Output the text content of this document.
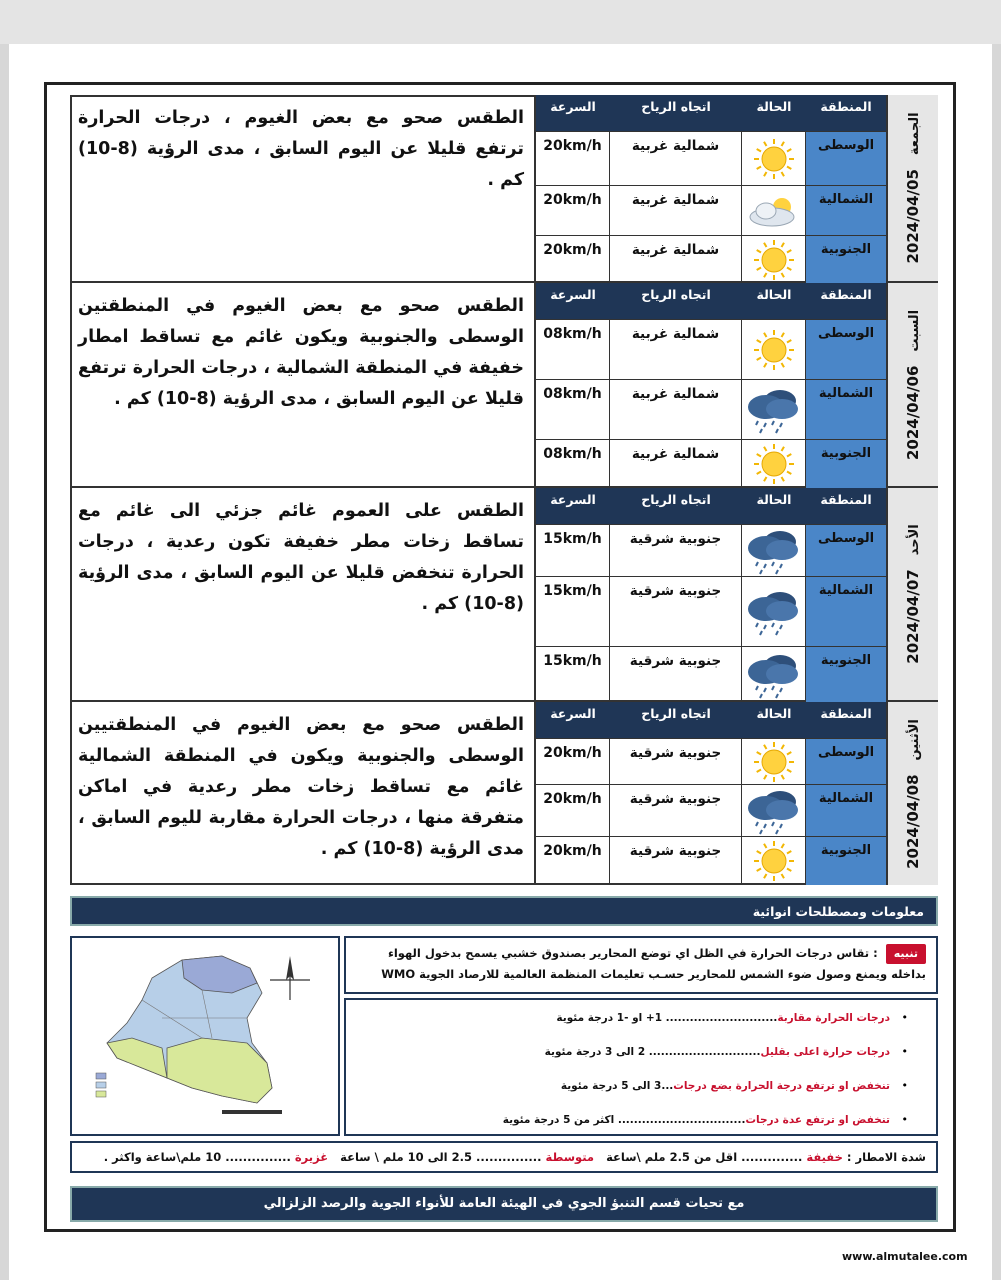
الطقس صحو مع بعض الغيوم ، درجات الحرارة ترتفع قليلا عن اليوم السابق ، مدى الرؤية (8-10) كم .
السرعة	اتجاه الرياح	الحالة	المنطقة
20km/h	شمالية غربية	الوسطى
20km/h	شمالية غربية	الشمالية
20km/h	شمالية غربية	الجنوبية	2024/04/05الجمعة
الطقس صحو مع بعض الغيوم في المنطقتين الوسطى والجنوبية ويكون غائم مع تساقط امطار خفيفة في المنطقة الشمالية ، درجات الحرارة ترتفع قليلا عن اليوم السابق ، مدى الرؤية (8-10) كم .
السرعة	اتجاه الرياح	الحالة	المنطقة
08km/h	شمالية غربية	الوسطى
08km/h	شمالية غربية	الشمالية
08km/h	شمالية غربية	الجنوبية	2024/04/06السبت
الطقس على العموم غائم جزئي الى غائم مع تساقط زخات مطر خفيفة تكون رعدية ، درجات الحرارة تنخفض قليلا عن اليوم السابق ، مدى الرؤية (8-10) كم .
السرعة	اتجاه الرياح	الحالة	المنطقة
15km/h	جنوبية شرقية	الوسطى
15km/h	جنوبية شرقية	الشمالية
15km/h	جنوبية شرقية	الجنوبية	2024/04/07الأحد
الطقس صحو مع بعض الغيوم في المنطقتيين الوسطى والجنوبية ويكون في المنطقة الشمالية غائم مع تساقط زخات مطر رعدية في اماكن متفرقة منها ، درجات الحرارة مقاربة لليوم السابق ، مدى الرؤية (8-10) كم .
السرعة	اتجاه الرياح	الحالة	المنطقة
20km/h	جنوبية شرقية	الوسطى
20km/h	جنوبية شرقية	الشمالية
20km/h	جنوبية شرقية	الجنوبية	2024/04/08الأثنين
معلومات ومصطلحات انوائية
تنبيه: تقاس درجات الحرارة في الظل اي توضع المحارير بصندوق خشبي يسمح بدخول الهواء بداخله ويمنع وصول ضوء الشمس للمحارير حسـب تعليمات المنظمة العالمية للارصاد الجوية WMO
درجات الحرارة مقاربة............................ 1+ او -1 درجة مئوية
درجات حرارة اعلى بقليل............................ 2 الى 3 درجة مئوية
تنخفض او ترتفع درجة الحرارة بضع درجات...3 الى 5 درجة مئوية
تنخفض او ترتفع عدة درجات................................ اكثر من 5 درجة مئوية
•
•
•
•
شدة الامطار : خفيفة .............. اقل من 2.5 ملم \ساعة   متوسطة ............... 2.5 الى 10 ملم \ ساعة   غزيرة ............... 10 ملم\ساعة واكثر .
مع تحيات قسم التنبؤ الجوي في الهيئة العامة للأنواء الجوية والرصد الزلزالي
www.almutalee.com
